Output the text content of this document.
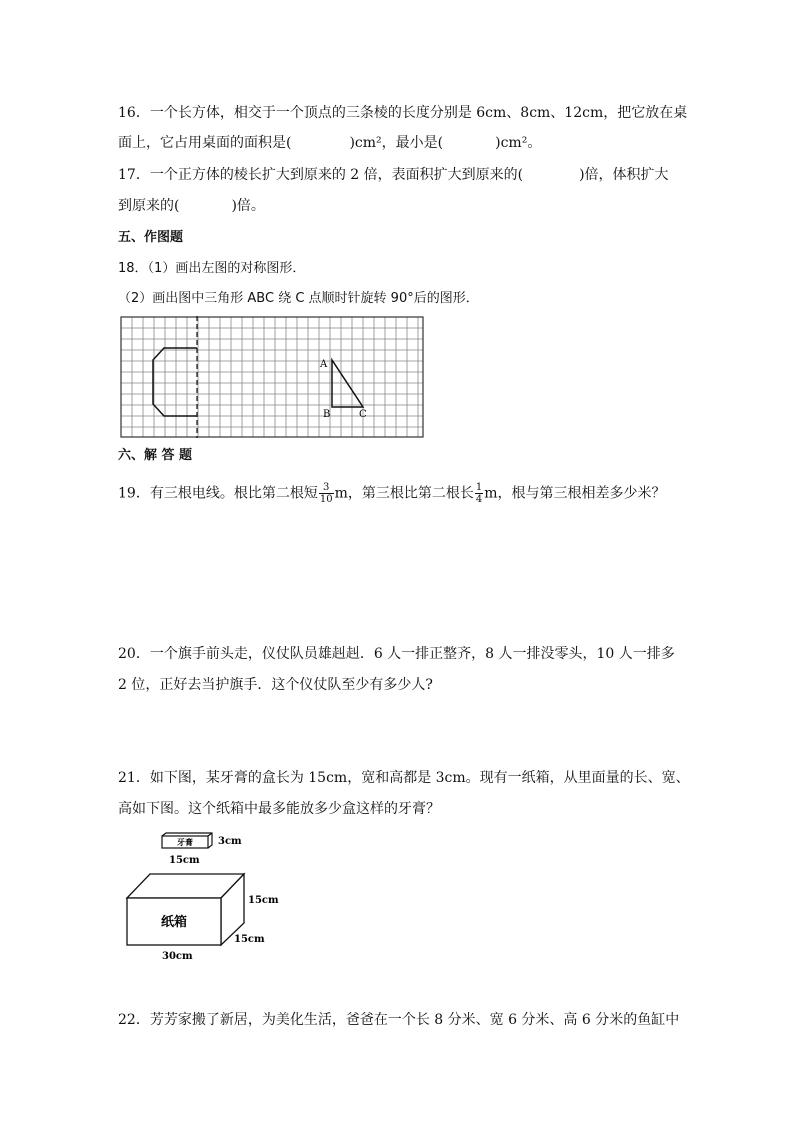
16．一个长方体，相交于一个顶点的三条棱的长度分别是 6cm、8cm、12cm，把它放在桌
面上，它占用桌面的面积是(	)cm²，最小是(	)cm²。
17．一个正方体的棱长扩大到原来的 2 倍，表面积扩大到原来的(	)倍，体积扩大
到原来的(	)倍。
五、作图题
18．（1）画出左图的对称图形．
（2）画出图中三角形 ABC 绕 C 点顺时针旋转 90°后的图形．
A
B	C
六、解 答 题
19．有三根电线。根比第二根短 $\frac{3}{10}$ m，第三根比第二根长 $\frac{1}{4}$ m，根与第三根相差多少米？
20．一个旗手前头走，仪仗队员雄赳赳．6 人一排正整齐，8 人一排没零头，10 人一排多
2 位，正好去当护旗手．这个仪仗队至少有多少人?
21．如下图，某牙膏的盒长为 15cm，宽和高都是 3cm。现有一纸箱，从里面量的长、宽、
高如下图。这个纸箱中最多能放多少盒这样的牙膏？
牙膏	3cm
15cm
纸箱
15cm
15cm
30cm
22．芳芳家搬了新居，为美化生活，爸爸在一个长 8 分米、宽 6 分米、高 6 分米的鱼缸中
